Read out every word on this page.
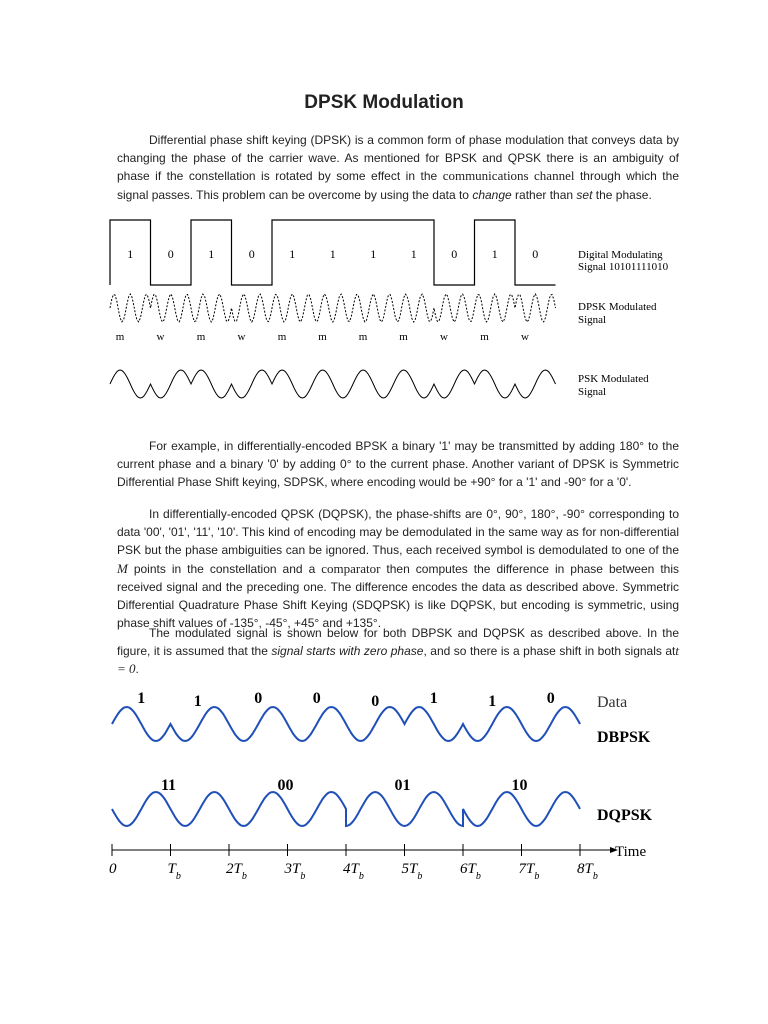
DPSK Modulation

Differential phase shift keying (DPSK) is a common form of phase modulation that conveys data by changing the phase of the carrier wave. As mentioned for BPSK and QPSK there is an ambiguity of phase if the constellation is rotated by some effect in the communications channel through which the signal passes. This problem can be overcome by using the data to change rather than set the phase.

1	0	1	0	1	1	1	1	0	1	0
m	w	m	w	m	m	m	m	w	m	w
Digital Modulating
Signal 10101111010
DPSK Modulated
Signal
PSK Modulated
Signal

For example, in differentially-encoded BPSK a binary '1' may be transmitted by adding 180° to the current phase and a binary '0' by adding 0° to the current phase. Another variant of DPSK is Symmetric Differential Phase Shift keying, SDPSK, where encoding would be +90° for a '1' and -90° for a '0'.

In differentially-encoded QPSK (DQPSK), the phase-shifts are 0°, 90°, 180°, -90° corresponding to data '00', '01', '11', '10'. This kind of encoding may be demodulated in the same way as for non-differential PSK but the phase ambiguities can be ignored. Thus, each received symbol is demodulated to one of the M points in the constellation and a comparator then computes the difference in phase between this received signal and the preceding one. The difference encodes the data as described above. Symmetric Differential Quadrature Phase Shift Keying (SDQPSK) is like DQPSK, but encoding is symmetric, using phase shift values of -135°, -45°, +45° and +135°.

The modulated signal is shown below for both DBPSK and DQPSK as described above. In the figure, it is assumed that the signal starts with zero phase, and so there is a phase shift in both signals att = 0.

1	1	0	0	0	1	1	0	Data
DBPSK
11	00	01	10
DQPSK
Time
0	$T_b$	$2T_b$	$3T_b$	$4T_b$	$5T_b$	$6T_b$	$7T_b$	$8T_b$
